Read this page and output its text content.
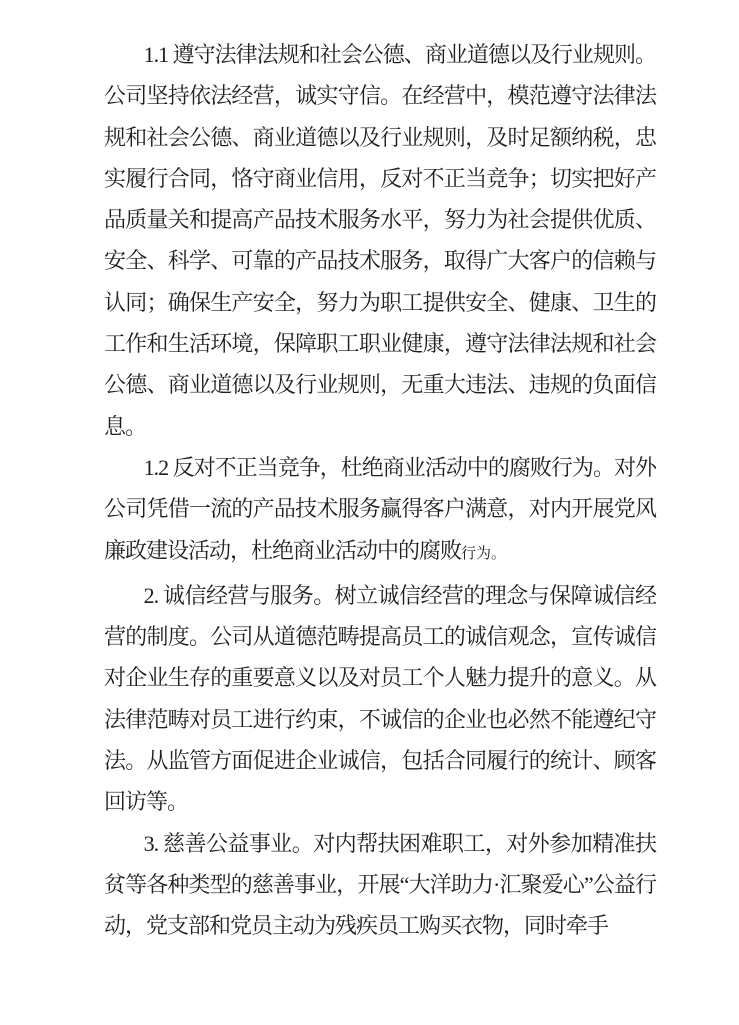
1.1 遵守法律法规和社会公德、商业道德以及行业规则。公司坚持依法经营，诚实守信。在经营中，模范遵守法律法规和社会公德、商业道德以及行业规则，及时足额纳税，忠实履行合同，恪守商业信用，反对不正当竞争；切实把好产品质量关和提高产品技术服务水平，努力为社会提供优质、安全、科学、可靠的产品技术服务，取得广大客户的信赖与认同；确保生产安全，努力为职工提供安全、健康、卫生的工作和生活环境，保障职工职业健康，遵守法律法规和社会公德、商业道德以及行业规则，无重大违法、违规的负面信息。

1.2 反对不正当竞争，杜绝商业活动中的腐败行为。对外公司凭借一流的产品技术服务赢得客户满意，对内开展党风廉政建设活动，杜绝商业活动中的腐败行为。

2. 诚信经营与服务。树立诚信经营的理念与保障诚信经营的制度。公司从道德范畴提高员工的诚信观念，宣传诚信对企业生存的重要意义以及对员工个人魅力提升的意义。从法律范畴对员工进行约束，不诚信的企业也必然不能遵纪守法。从监管方面促进企业诚信，包括合同履行的统计、顾客回访等。

3. 慈善公益事业。对内帮扶困难职工，对外参加精准扶贫等各种类型的慈善事业，开展“大洋助力·汇聚爱心”公益行动，党支部和党员主动为残疾员工购买衣物，同时牵手
